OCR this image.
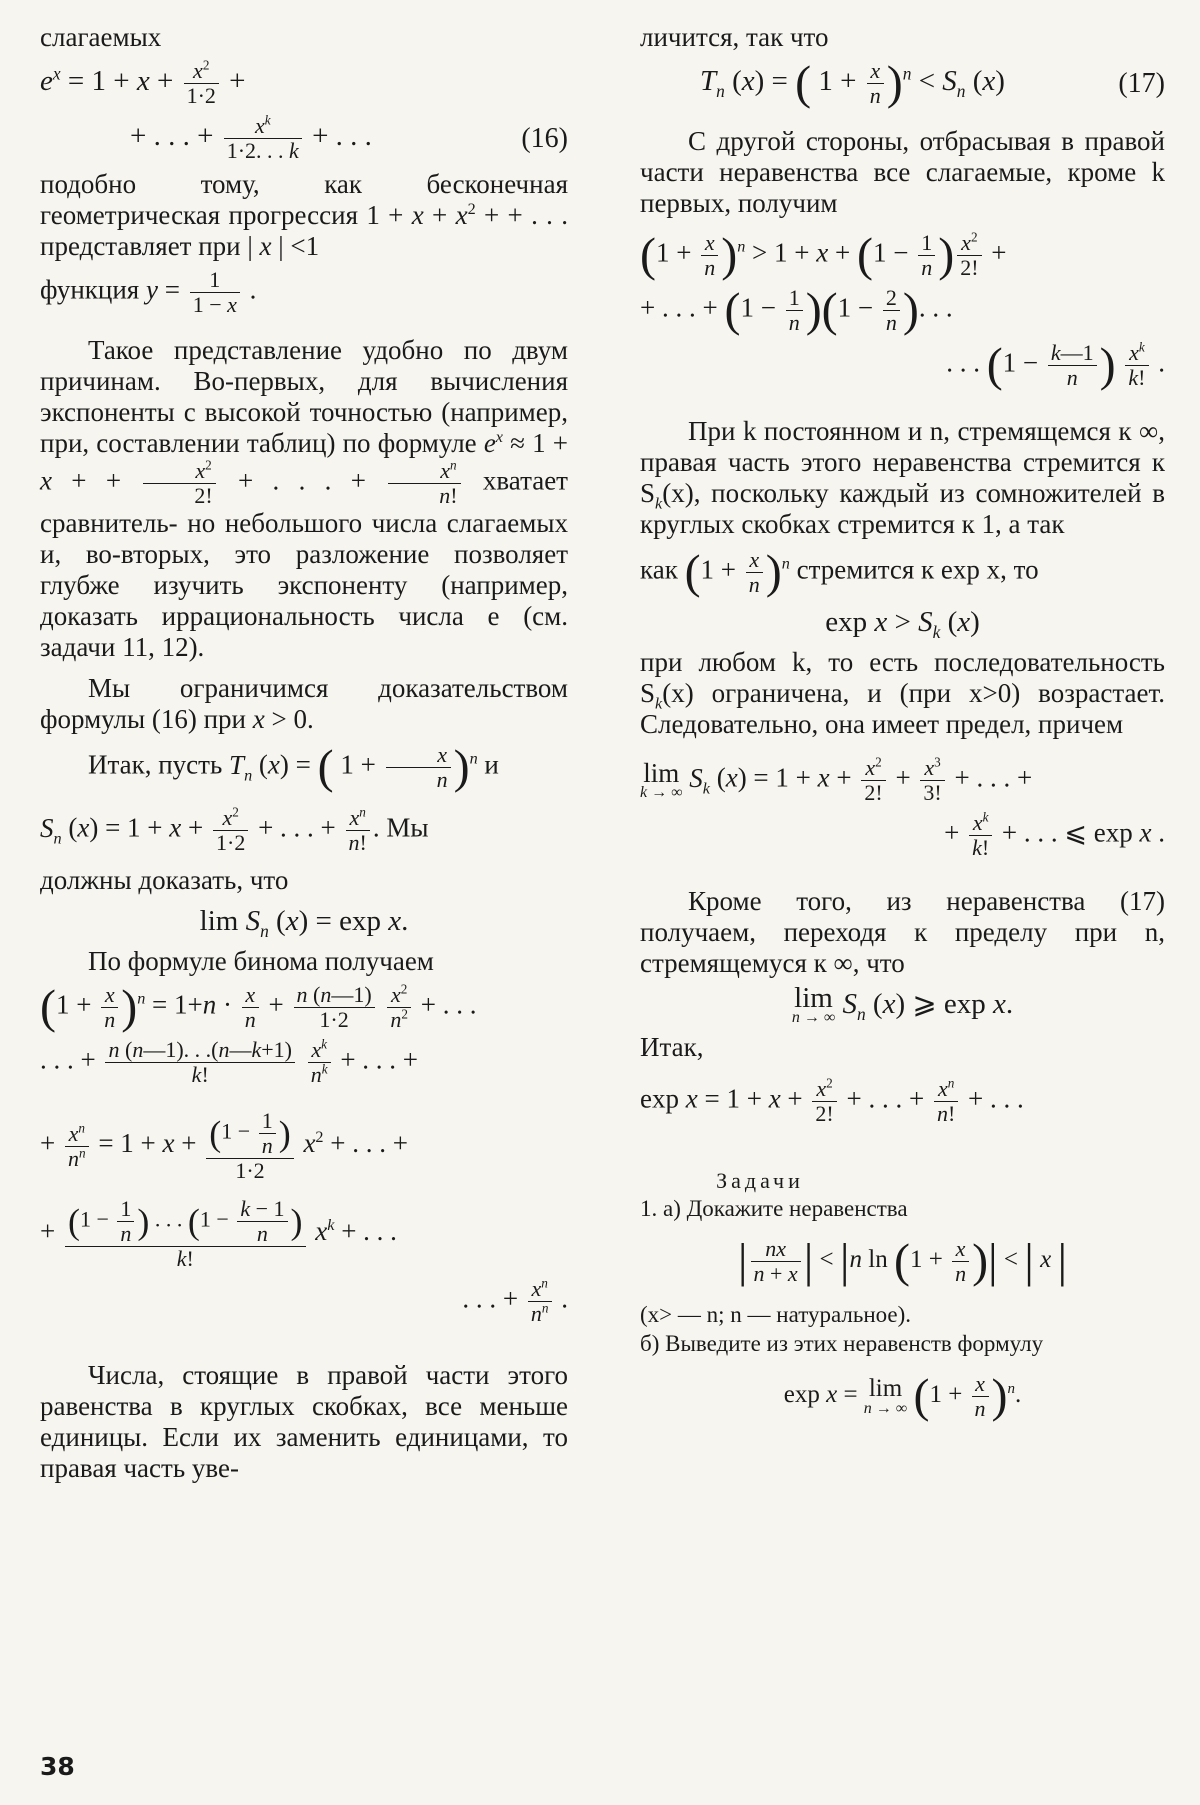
слагаемых

$e^x = 1 + x + \frac{x^2}{1\cdot 2}$ +
+ . . . + $\frac{x^k}{1\cdot 2. . . k}$ + . . .	(16)

подобно тому, как бесконечная геометрическая прогрессия $1 + x + x^2$ + + . . . представляет при | x | <1

функция $y = \frac{1}{1 - x}$ .

Такое представление удобно по двум причинам. Во-первых, для вычисления экспоненты с высокой точностью (например, при, составлении таблиц) по формуле $e^x \approx 1 + x$ + + $\frac{x^2}{2!}$ + . . . + $\frac{x^n}{n!}$ хватает сравнитель- но небольшого числа слагаемых и, во-вторых, это разложение позволяет глубже изучить экспоненту (например, доказать иррациональность числа e (см. задачи 11, 12).

Мы ограничимся доказательством формулы (16) при x > 0.

Итак, пусть $T_n$ (x) = ( $1 + \frac{x}{n} )^n$ и

$S_n$ $(x) = 1 + x + \frac{x^2}{1\cdot 2}$ + . . . + $\frac{x^n}{n!}$ . Мы

должны доказать, что

$\lim S_n$ (x) = exp x.

По формуле бинома получаем

$(1 + \frac{x}{n} )^n = 1+n \cdot \frac{x}{n} + \frac{n (n—1)}{1\cdot 2}$
$\frac{x^2}{n^2}$ + . . .
. . . + $\frac{n (n—1). . .(n—k+1)}{k!}$
$\frac{x^k}{n^k}$ + . . . +
+ $\frac{x^n}{n^n} = 1 + x + \frac{(1 - \frac{1}{n} )}{1\cdot 2} x^2$ + . . . +
+ $\frac{(1 - \frac{1}{n} ) . . . (1 - \frac{k - 1}{n} )}{k!} x^k$ + . . .
. . . + $\frac{x^n}{n^n}$ .

Числа, стоящие в правой части этого равенства в круглых скобках, все меньше единицы. Если их заменить единицами, то правая часть уве-

личится, так что

$T_n$ (x) = ( $1 + \frac{x}{n} )^n < S_n$ (x)	(17)

С другой стороны, отбрасывая в правой части неравенства все слагаемые, кроме k первых, получим

$(1 + \frac{x}{n} )^n > 1 + x + (1 - \frac{1}{n}$ ) $\frac{x^2}{2!}$ +
+ . . . + $(1 - \frac{1}{n} )(1 - \frac{2}{n}$ ). . .
. . . ($1 - \frac{k—1}{n}$ ) $\frac{x^k}{k!}$ .

При k постоянном и n, стремящемся к ∞, правая часть этого неравенства стремится к $S_k(x)$, поскольку каждый из сомножителей в круглых скобках стремится к 1, а так

как $(1 + \frac{x}{n} )^n$ стремится к exp x, то

$\exp x > S_k$ (x)

при любом k, то есть последовательность $S_k(x)$ ограничена, и (при x>0) возрастает. Следовательно, она имеет предел, причем

lim
k → ∞ $S_k$ $(x) = 1 + x + \frac{x^2}{2!} + \frac{x^3}{3!}$ + . . . +
+ $\frac{x^k}{k!}$ + . . . ⩽ exp x .

Кроме того, из неравенства (17) получаем, переходя к пределу при n, стремящемуся к ∞, что

lim
n → ∞ $S_n$ (x) ⩾ exp x.

Итак,

$\exp x = 1 + x + \frac{x^2}{2!}$ + . . . + $\frac{x^n}{n!}$ + . . .
Задачи

1. а) Докажите неравенства

| $\frac{nx}{n + x}$ | < |n $\ln (1 + \frac{x}{n}$ )| < | x |

(x> — n; n — натуральное).

б) Выведите из этих неравенств формулу

exp x = lim
n → ∞ $(1 + \frac{x}{n} )^n$.
38
